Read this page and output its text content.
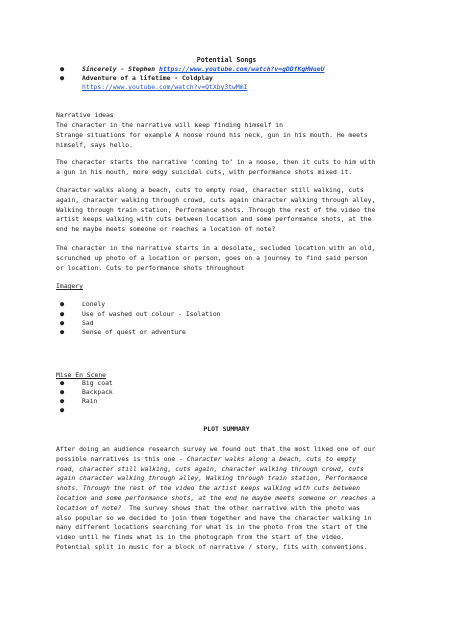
Potential Songs

●	Sincerely - Stephen https://www.youtube.com/watch?v=gDDfKgHWueU
●	Adventure of a lifetime - Coldplay
https://www.youtube.com/watch?v=QtXby3twMmI

Narrative ideas

The character in the narrative will keep finding himself in

Strange situations for example A noose round his neck, gun in his mouth. He meets

himself, says hello.

The character starts the narrative ‘coming to’ in a noose, then it cuts to him with

a gun in his mouth, more edgy suicidal cuts, with performance shots mixed it.

Character walks along a beach, cuts to empty road, character still walking, cuts

again, character walking through crowd, cuts again character walking through alley,

Walking through train station, Performance shots. Through the rest of the video the

artist keeps walking with cuts between location and some performance shots, at the

end he maybe meets someone or reaches a location of note?

The character in the narrative starts in a desolate, secluded location with an old,

scrunched up photo of a location or person, goes on a journey to find said person

or location. Cuts to performance shots throughout

Imagery

●	Lonely
●	Use of washed out colour - Isolation
●	Sad
●	Sense of quest or adventure

Mise En Scene

●	Big coat
●	Backpack
●	Rain
●

PLOT SUMMARY

After doing an audience research survey we found out that the most liked one of our

possible narratives is this one - Character walks along a beach, cuts to empty

road, character still walking, cuts again, character walking through crowd, cuts

again character walking through alley, Walking through train station, Performance

shots. Through the rest of the video the artist keeps walking with cuts between

location and some performance shots, at the end he maybe meets someone or reaches a

location of note?  The survey shows that the other narrative with the photo was

also popular so we decided to join them together and have the character walking in

many different locations searching for what is in the photo from the start of the

video until he finds what is in the photograph from the start of the video.

Potential split in music for a block of narrative / story, fits with conventions.
